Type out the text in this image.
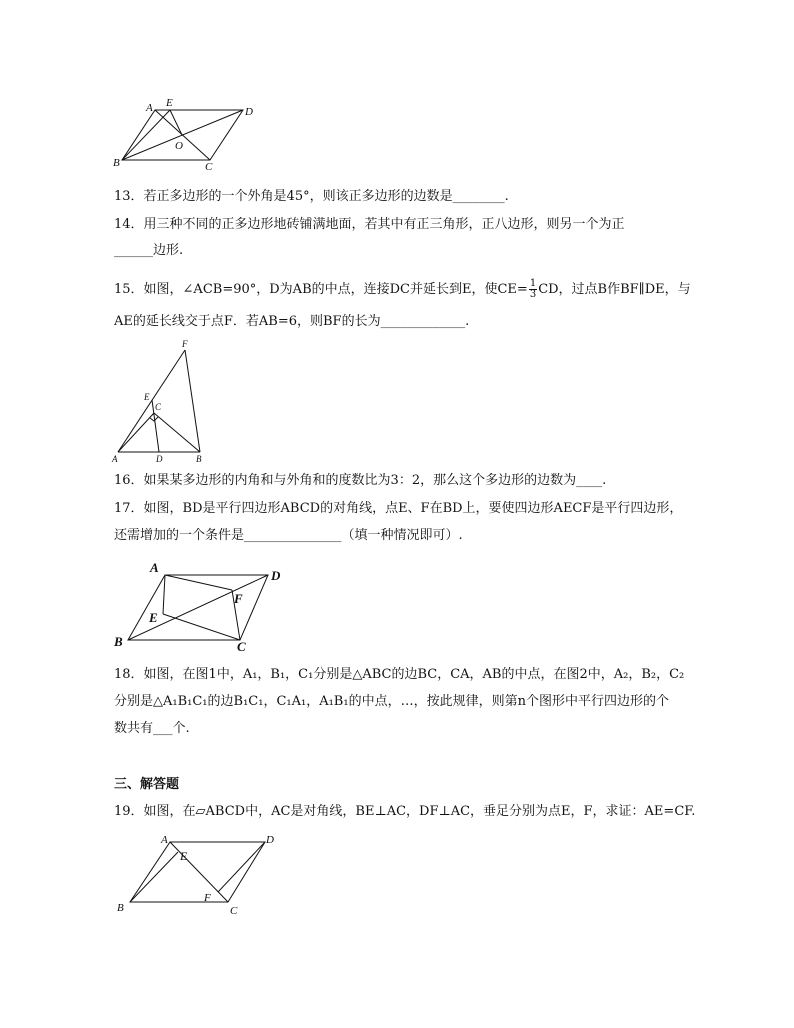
A E
D
O
B	C
13．若正多边形的一个外角是45°，则该正多边形的边数是________.
14．用三种不同的正多边形地砖铺满地面，若其中有正三角形，正八边形，则另一个为正
______边形.
15．如图，∠ACB=90°，D为AB的中点，连接DC并延长到E，使$CE= \frac{1}{3}$ CD，过点B作BF∥DE，与
AE的延长线交于点F．若AB=6，则BF的长为_____________.
F
E
C
A	D	B
16．如果某多边形的内角和与外角和的度数比为3：2，那么这个多边形的边数为____.
17．如图，BD是平行四边形ABCD的对角线，点E、F在BD上，要使四边形AECF是平行四边形，
还需增加的一个条件是_______________（填一种情况即可）.
A
D
F
E
B	C
18．如图，在图1中，A₁，B₁，C₁分别是△ABC的边BC，CA，AB的中点，在图2中，A₂，B₂，C₂
分别是△A₁B₁C₁的边B₁C₁，C₁A₁，A₁B₁的中点，…，按此规律，则第n个图形中平行四边形的个
数共有___个.
三、解答题
19．如图，在▱ABCD中，AC是对角线，BE⊥AC，DF⊥AC，垂足分别为点E，F，求证：AE=CF.
A
E
D
F
B	C
